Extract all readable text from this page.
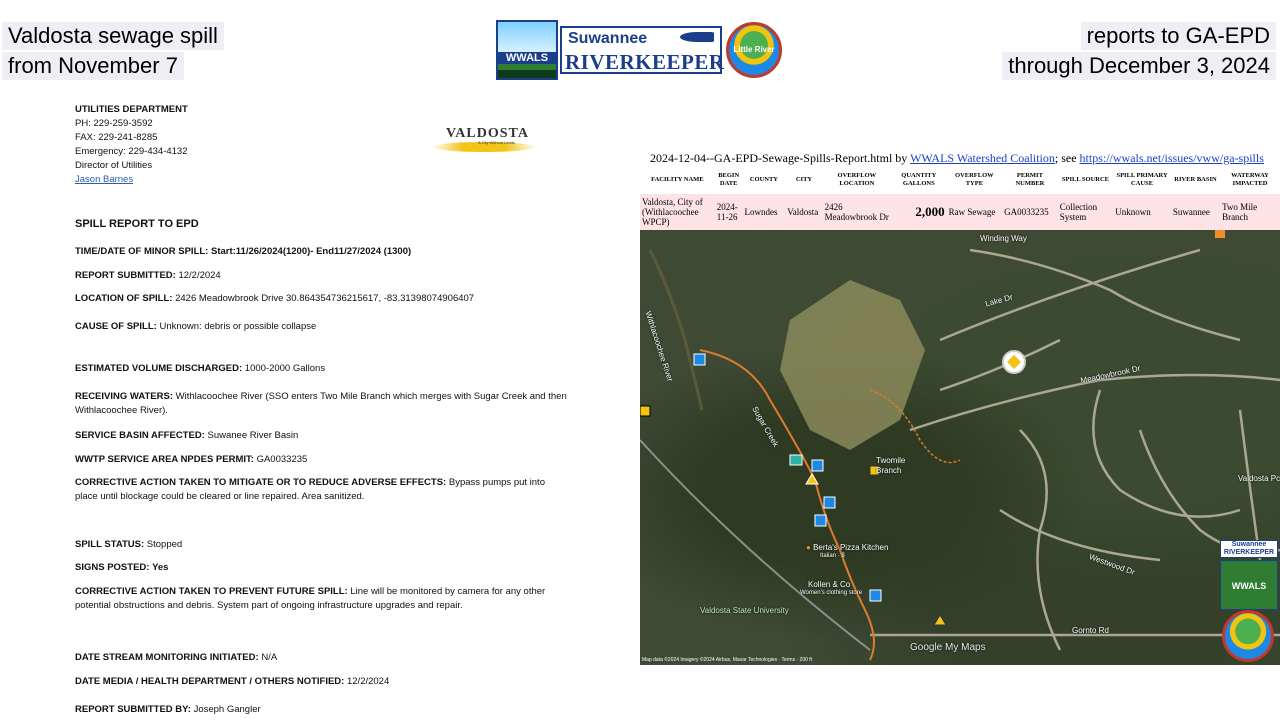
Valdosta sewage spill
from November 7
reports to GA-EPD
through December 3, 2024
WWALS
Suwannee
RIVERKEEPER
Little River
UTILITIES DEPARTMENT
PH: 229-259-3592
FAX: 229-241-8285
Emergency: 229-434-4132
Director of Utilities
Jason Barnes
SPILL REPORT TO EPD
TIME/DATE OF MINOR SPILL: Start:11/26/2024(1200)- End11/27/2024 (1300)
REPORT SUBMITTED: 12/2/2024
LOCATION OF SPILL: 2426 Meadowbrook Drive 30.864354736215617, -83.31398074906407
CAUSE OF SPILL: Unknown: debris or possible collapse
ESTIMATED VOLUME DISCHARGED: 1000-2000 Gallons
RECEIVING WATERS: Withlacoochee River (SSO enters Two Mile Branch which merges with Sugar Creek and then Withlacoochee River).
SERVICE BASIN AFFECTED: Suwanee River Basin
WWTP SERVICE AREA NPDES PERMIT: GA0033235
CORRECTIVE ACTION TAKEN TO MITIGATE OR TO REDUCE ADVERSE EFFECTS: Bypass pumps put into place until blockage could be cleared or line repaired. Area sanitized.
SPILL STATUS: Stopped
SIGNS POSTED: Yes
CORRECTIVE ACTION TAKEN TO PREVENT FUTURE SPILL: Line will be monitored by camera for any other potential obstructions and debris. System part of ongoing infrastructure upgrades and repair.
DATE STREAM MONITORING INITIATED: N/A
DATE MEDIA / HEALTH DEPARTMENT / OTHERS NOTIFIED: 12/2/2024
REPORT SUBMITTED BY: Joseph Gangler
VALDOSTA
A City Without Limits
2024-12-04--GA-EPD-Sewage-Spills-Report.html by WWALS Watershed Coalition; see https://wwals.net/issues/vww/ga-spills
FACILITY NAME	BEGIN DATE	COUNTY	CITY	OVERFLOW LOCATION	QUANTITY GALLONS	OVERFLOW TYPE	PERMIT NUMBER	SPILL SOURCE	SPILL PRIMARY CAUSE	RIVER BASIN	WATERWAY IMPACTED
Valdosta, City of (Withlacoochee WPCP)	2024-11-26	Lowndes	Valdosta	2426 Meadowbrook Dr	2,000	Raw Sewage	GA0033235	Collection System	Unknown	Suwannee	Two Mile Branch
Withlacoochee River
Sugar Creek
Twomile Branch
Winding Way
Meadowbrook Dr
Lake Dr
Westwood Dr
Gornto Rd
Valdosta Pc
● Berta's Pizza Kitchen
Italian · $
Kollen & Co
Women's clothing store
Valdosta State University
Google My Maps
Map data ©2024 Imagery ©2024 Airbus, Maxar Technologies · Terms · 200 ft
Suwannee RIVERKEEPER
WWALS
